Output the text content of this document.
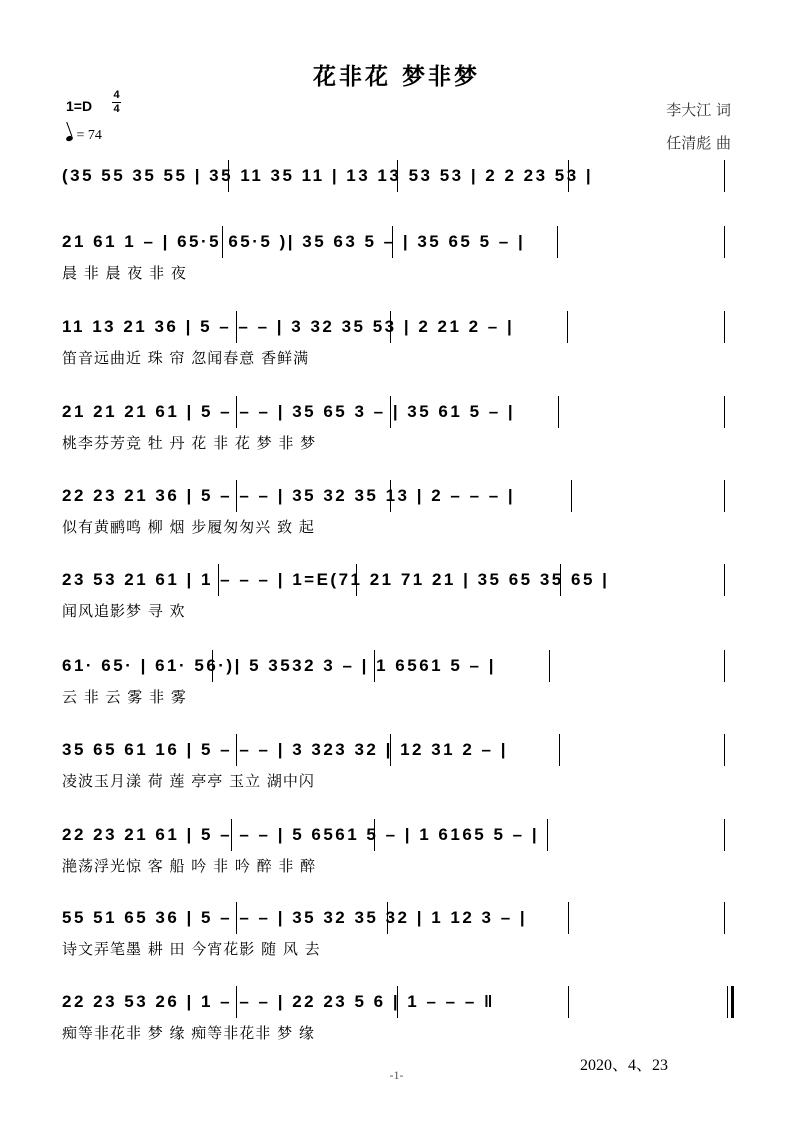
花非花 梦非梦
1=D
4
4
= 74
李大江 词
任清彪 曲
(35 55 35 55 | 35 11 35 11 | 13 13 53 53 | 2 2 23 53 |
21 61 1 – | 65·5 65·5 )| 35 63 5 – | 35 65 5 – |
晨 非 晨 夜 非 夜
11 13 21 36 | 5 – – – | 3 32 35 53 | 2 21 2 – |
笛音远曲近 珠 帘 忽闻春意 香鲜满
21 21 21 61 | 5 – – – | 35 65 3 – | 35 61 5 – |
桃李芬芳竞 牡 丹 花 非 花 梦 非 梦
22 23 21 36 | 5 – – – | 35 32 35 13 | 2 – – – |
似有黄鹂鸣 柳 烟 步履匆匆兴 致 起
23 53 21 61 | 1 – – – | 1=E(71 21 71 21 | 35 65 35 65 |
闻风追影梦 寻 欢
61· 65· | 61· 56·)| 5 3532 3 – | 1 6561 5 – |
云 非 云 雾 非 雾
35 65 61 16 | 5 – – – | 3 323 32 | 12 31 2 – |
凌波玉月漾 荷 莲 亭亭 玉立 湖中闪
22 23 21 61 | 5 – – – | 5 6561 5 – | 1 6165 5 – |
滟荡浮光惊 客 船 吟 非 吟 醉 非 醉
55 51 65 36 | 5 – – – | 35 32 35 32 | 1 12 3 – |
诗文弄笔墨 耕 田 今宵花影 随 风 去
22 23 53 26 | 1 – – – | 22 23 5 6 | 1 – – – ‖
痴等非花非 梦 缘 痴等非花非 梦 缘
2020、4、23
-1-
